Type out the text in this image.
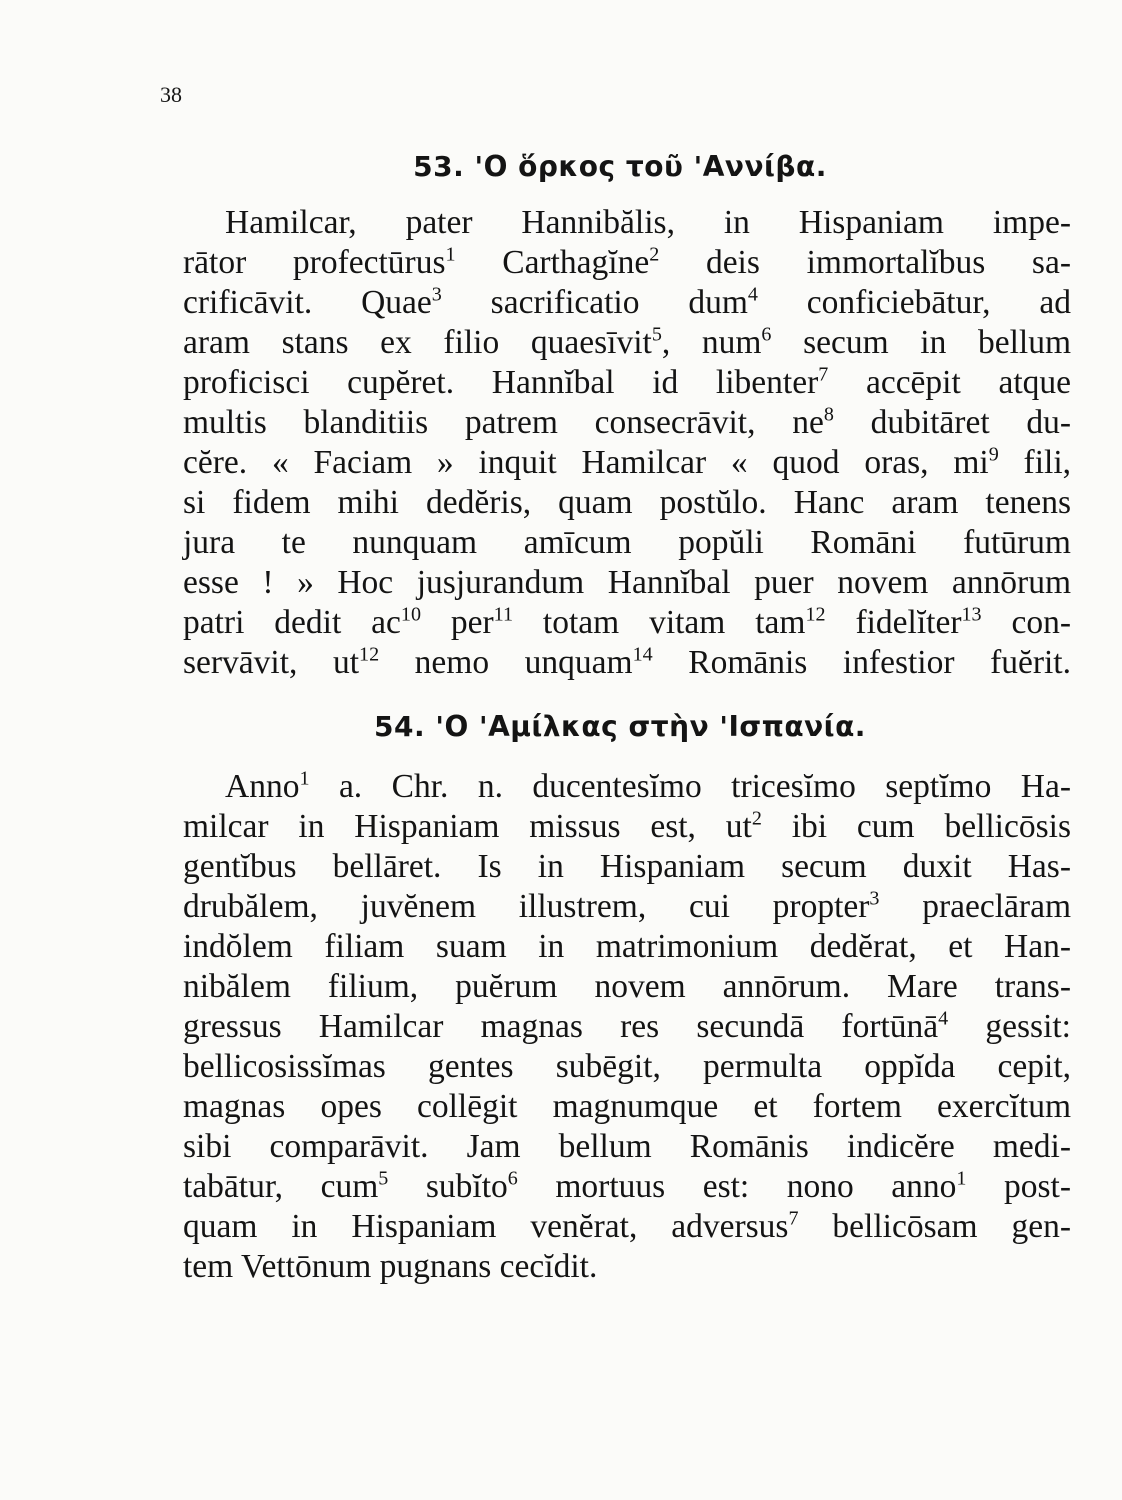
38
53. 'Ο ὅρκος τοῦ 'Αννίβα.
Hamilcar, pater Hannibălis, in Hispaniam impe-
rātor profectūrus$^1$ Carthagĭne$^2$ deis immortalĭbus sa-
crificāvit. Quae$^3$ sacrificatio dum$^4$ conficiebātur, ad
aram stans ex filio quaesīvit$^5$, num$^6$ secum in bellum
proficisci cupĕret. Hannĭbal id libenter$^7$ accēpit atque
multis blanditiis patrem consecrāvit, $ne^8$ dubitāret du-
cĕre. « Faciam » inquit Hamilcar « quod oras, $mi^9$ fili,
si fidem mihi dedĕris, quam postŭlo. Hanc aram tenens
jura te nunquam amīcum popŭli Romāni futūrum
esse ! » Hoc jusjurandum Hannĭbal puer novem annōrum
patri dedit $ac^{10}$ per$^{11}$ totam vitam tam$^{12}$ fidelĭter$^{13}$ con-
servāvit, $ut^{12}$ nemo unquam$^{14}$ Romānis infestior fuĕrit.
54. 'Ο 'Αμίλκας στὴν 'Ισπανία.
Anno$^1$ a. Chr. n. ducentesĭmo tricesĭmo septĭmo Ha-
milcar in Hispaniam missus est, $ut^2$ ibi cum bellicōsis
gentĭbus bellāret. Is in Hispaniam secum duxit Has-
drubălem, juvĕnem illustrem, cui propter$^3$ praeclāram
indŏlem filiam suam in matrimonium dedĕrat, et Han-
nibălem filium, puĕrum novem annōrum. Mare trans-
gressus Hamilcar magnas res secundā fortūnā$^4$ gessit:
bellicosissĭmas gentes subēgit, permulta oppĭda cepit,
magnas opes collēgit magnumque et fortem exercĭtum
sibi comparāvit. Jam bellum Romānis indicĕre medi-
tabātur, cum$^5$ subĭto$^6$ mortuus est: nono anno$^1$ post-
quam in Hispaniam venĕrat, adversus$^7$ bellicōsam gen-
tem Vettōnum pugnans cecĭdit.
